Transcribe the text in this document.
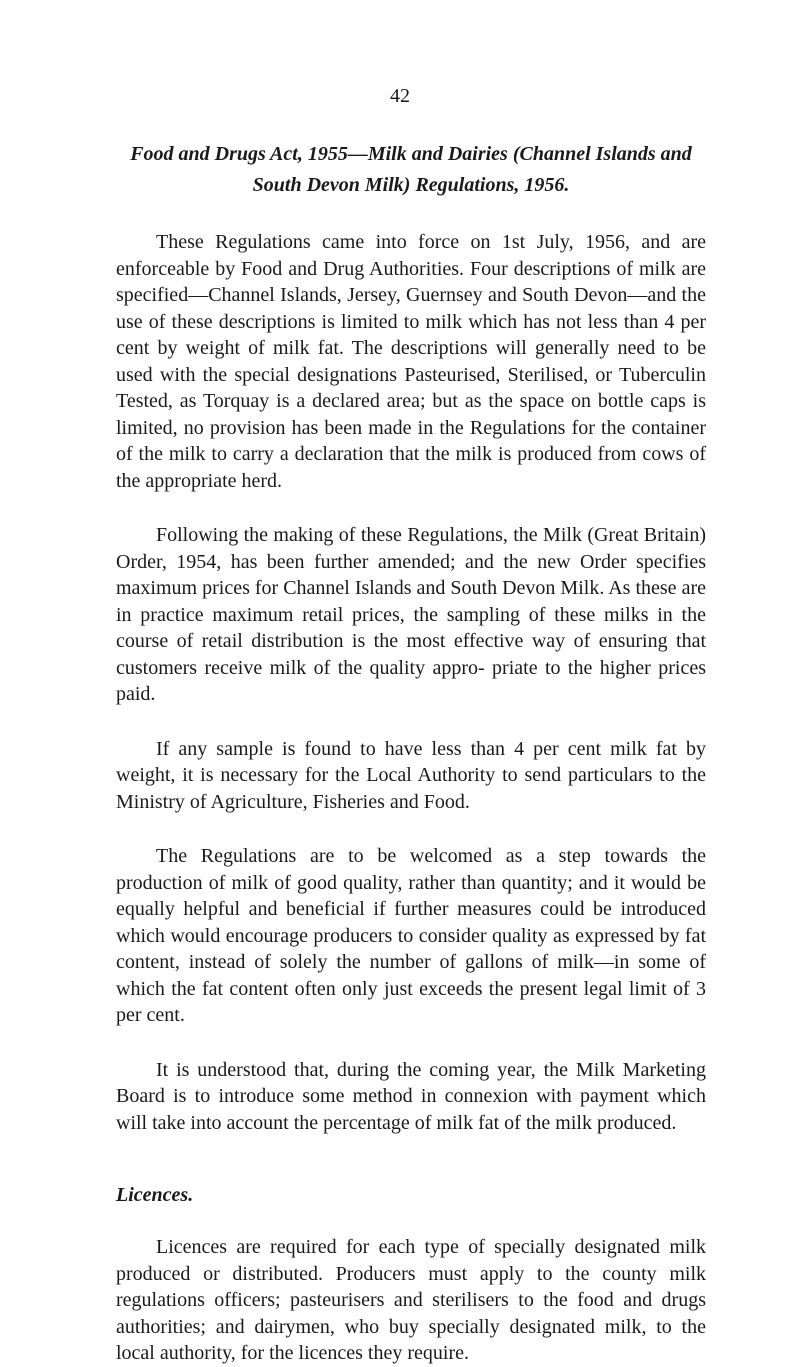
42
Food and Drugs Act, 1955—Milk and Dairies (Channel Islands and
South Devon Milk) Regulations, 1956.

These Regulations came into force on 1st July, 1956, and are enforceable by Food and Drug Authorities. Four descriptions of milk are specified—Channel Islands, Jersey, Guernsey and South Devon—and the use of these descriptions is limited to milk which has not less than 4 per cent by weight of milk fat. The descriptions will generally need to be used with the special designations Pasteurised, Sterilised, or Tuberculin Tested, as Torquay is a declared area; but as the space on bottle caps is limited, no provision has been made in the Regulations for the container of the milk to carry a declaration that the milk is produced from cows of the appropriate herd.

Following the making of these Regulations, the Milk (Great Britain) Order, 1954, has been further amended; and the new Order specifies maximum prices for Channel Islands and South Devon Milk. As these are in practice maximum retail prices, the sampling of these milks in the course of retail distribution is the most effective way of ensuring that customers receive milk of the quality appro- priate to the higher prices paid.

If any sample is found to have less than 4 per cent milk fat by weight, it is necessary for the Local Authority to send particulars to the Ministry of Agriculture, Fisheries and Food.

The Regulations are to be welcomed as a step towards the production of milk of good quality, rather than quantity; and it would be equally helpful and beneficial if further measures could be introduced which would encourage producers to consider quality as expressed by fat content, instead of solely the number of gallons of milk—in some of which the fat content often only just exceeds the present legal limit of 3 per cent.

It is understood that, during the coming year, the Milk Marketing Board is to introduce some method in connexion with payment which will take into account the percentage of milk fat of the milk produced.

Licences.

Licences are required for each type of specially designated milk produced or distributed. Producers must apply to the county milk regulations officers; pasteurisers and sterilisers to the food and drugs authorities; and dairymen, who buy specially designated milk, to the local authority, for the licences they require.
